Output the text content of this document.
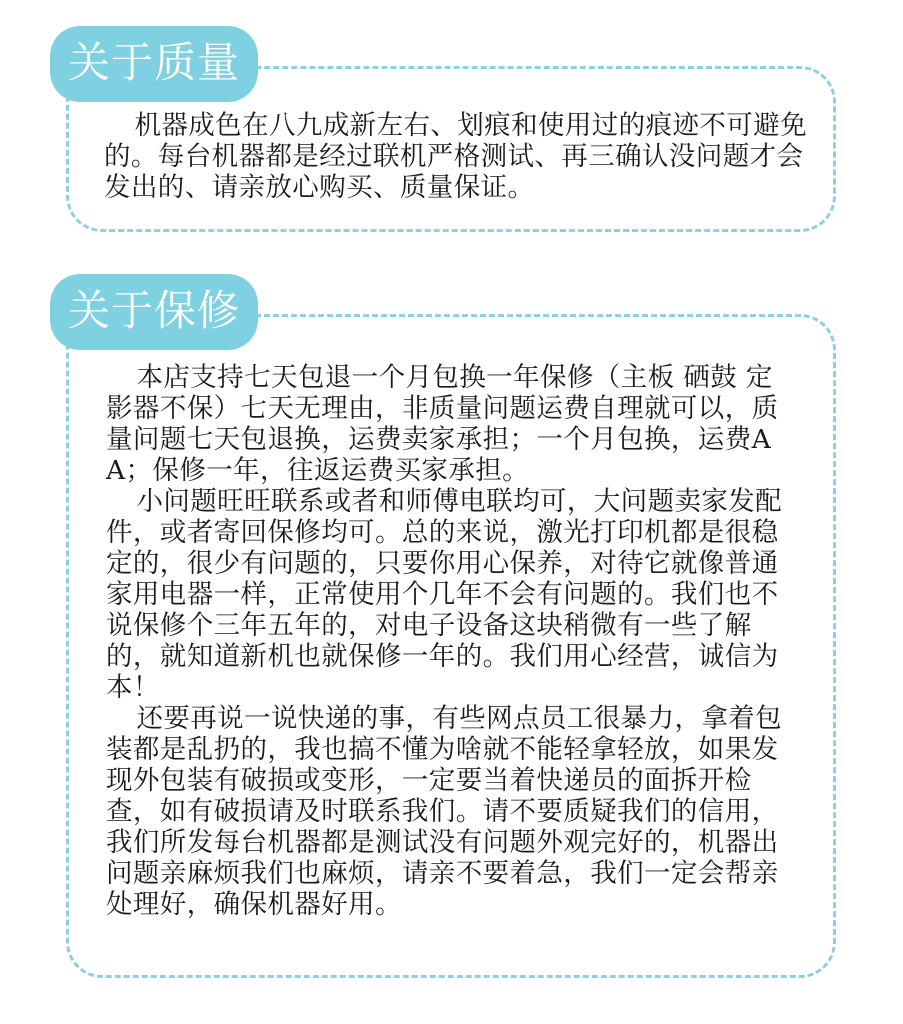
关于质量

机器成色在八九成新左右、划痕和使用过的痕迹不可避免的。每台机器都是经过联机严格测试、再三确认没问题才会发出的、请亲放心购买、质量保证。

关于保修

本店支持七天包退一个月包换一年保修（主板 硒鼓 定影器不保）七天无理由，非质量问题运费自理就可以，质量问题七天包退换，运费卖家承担；一个月包换，运费AA；保修一年，往返运费买家承担。

小问题旺旺联系或者和师傅电联均可，大问题卖家发配件，或者寄回保修均可。总的来说，激光打印机都是很稳定的，很少有问题的，只要你用心保养，对待它就像普通家用电器一样，正常使用个几年不会有问题的。我们也不说保修个三年五年的，对电子设备这块稍微有一些了解的，就知道新机也就保修一年的。我们用心经营，诚信为本！

还要再说一说快递的事，有些网点员工很暴力，拿着包装都是乱扔的，我也搞不懂为啥就不能轻拿轻放，如果发现外包装有破损或变形，一定要当着快递员的面拆开检查，如有破损请及时联系我们。请不要质疑我们的信用，我们所发每台机器都是测试没有问题外观完好的，机器出问题亲麻烦我们也麻烦，请亲不要着急，我们一定会帮亲处理好，确保机器好用。
